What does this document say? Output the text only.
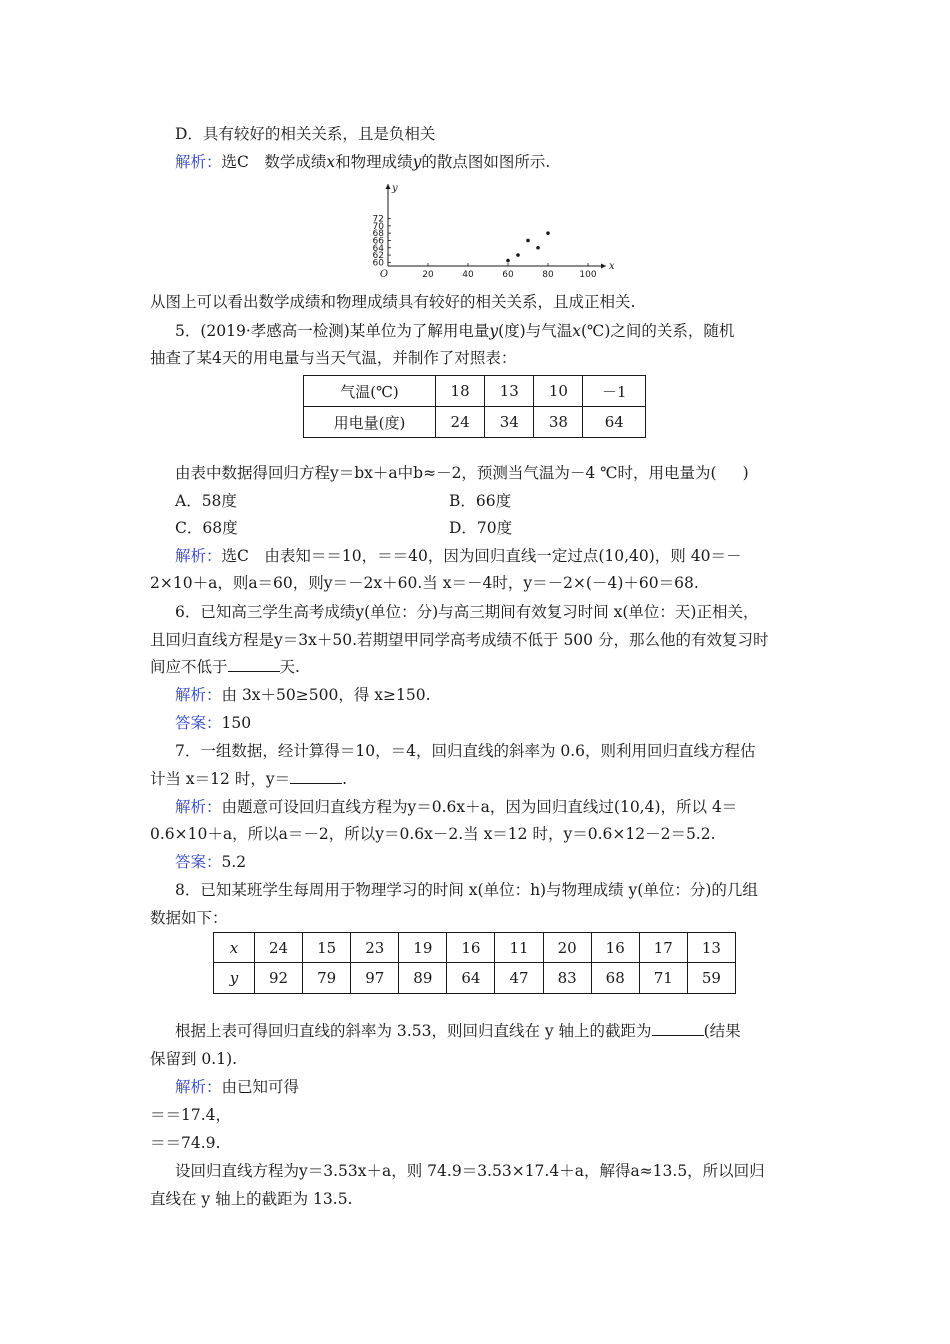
D．具有较好的相关关系，且是负相关
解析：选C　数学成绩x和物理成绩y的散点图如图所示.
O	20	40	60	80	100
60
62
64
66
68
70
72
x
y
从图上可以看出数学成绩和物理成绩具有较好的相关关系，且成正相关.
5．(2019·孝感高一检测)某单位为了解用电量y(度)与气温x(℃)之间的关系，随机
抽查了某4天的用电量与当天气温，并制作了对照表：
气温(℃)	18	13	10	－1
用电量(度)	24	34	38	64
由表中数据得回归方程y＝bx＋a中b≈－2，预测当气温为－4 ℃时，用电量为( )
A．58度	B．66度
C．68度	D．70度
解析：选C　由表知＝＝10，＝＝40，因为回归直线一定过点(10,40)，则 40＝－
2×10＋a，则a＝60，则y＝－2x＋60.当 x＝－4时，y＝－2×(－4)＋60＝68.
6．已知高三学生高考成绩y(单位：分)与高三期间有效复习时间 x(单位：天)正相关，
且回归直线方程是y＝3x＋50.若期望甲同学高考成绩不低于 500 分，那么他的有效复习时
间应不低于	天.
解析：由 3x＋50≥500，得 x≥150.
答案：150
7．一组数据，经计算得＝10，＝4，回归直线的斜率为 0.6，则利用回归直线方程估
计当 x＝12 时，y＝	.
解析：由题意可设回归直线方程为y＝0.6x＋a，因为回归直线过(10,4)，所以 4＝
0.6×10＋a，所以a＝－2，所以y＝0.6x－2.当 x＝12 时，y＝0.6×12－2＝5.2.
答案：5.2
8．已知某班学生每周用于物理学习的时间 x(单位：h)与物理成绩 y(单位：分)的几组
数据如下：
x	24	15	23	19	16	11	20	16	17	13
y	92	79	97	89	64	47	83	68	71	59
根据上表可得回归直线的斜率为 3.53，则回归直线在 y 轴上的截距为	(结果
保留到 0.1).
解析：由已知可得
＝＝17.4，
＝＝74.9.
设回归直线方程为y＝3.53x＋a，则 74.9＝3.53×17.4＋a，解得a≈13.5，所以回归
直线在 y 轴上的截距为 13.5.
